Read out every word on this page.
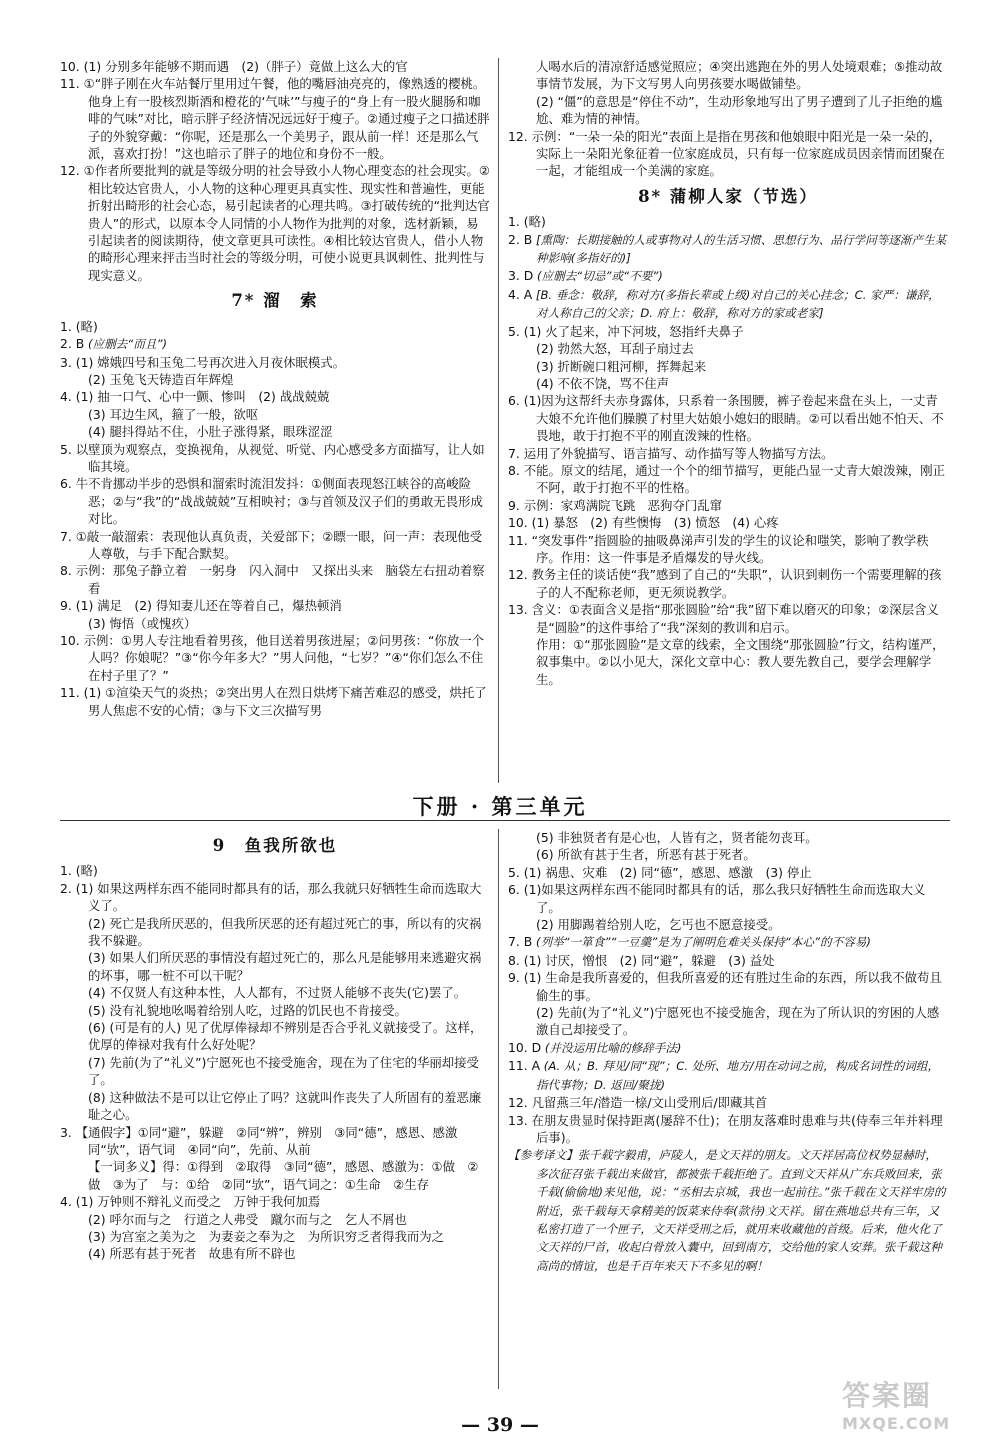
10. (1) 分别多年能够不期而遇　(2)（胖子）竟做上这么大的官

11. ①“胖子刚在火车站餐厅里用过午餐，他的嘴唇油亮亮的，像熟透的樱桃。他身上有一股核烈斯酒和橙花的‘气味’”与瘦子的“身上有一股火腿肠和咖啡的气味”对比，暗示胖子经济情况远远好于瘦子。②通过瘦子之口描述胖子的外貌穿戴：“你呢，还是那么一个美男子，跟从前一样！还是那么气派，喜欢打扮！”这也暗示了胖子的地位和身份不一般。

12. ①作者所要批判的就是等级分明的社会导致小人物心理变态的社会现实。②相比较达官贵人，小人物的这种心理更具真实性、现实性和普遍性，更能折射出畸形的社会心态，易引起读者的心理共鸣。③打破传统的“批判达官贵人”的形式，以原本令人同情的小人物作为批判的对象，选材新颖，易引起读者的阅读期待，使文章更具可读性。④相比较达官贵人，借小人物的畸形心理来抨击当时社会的等级分明，可使小说更具讽刺性、批判性与现实意义。

7* 溜　索

1. (略)

2. B (应删去“而且”)

3. (1) 嫦娥四号和玉兔二号再次进入月夜休眠模式。

(2) 玉兔飞天铸造百年辉煌

4. (1) 抽一口气、心中一颤、惨叫　(2) 战战兢兢

(3) 耳边生风，箍了一般，欲呕

(4) 腿抖得站不住，小肚子涨得紧，眼珠涩涩

5. 以壁顶为观察点，变换视角，从视觉、听觉、内心感受多方面描写，让人如临其境。

6. 牛不肯挪动半步的恐惧和溜索时流泪发抖：①侧面表现怒江峡谷的高峻险恶；②与“我”的“战战兢兢”互相映衬；③与首领及汉子们的勇敢无畏形成对比。

7. ①敲一敲溜索：表现他认真负责，关爱部下；②瞟一眼，问一声：表现他受人尊敬，与手下配合默契。

8. 示例：那兔子静立着　一躬身　闪入洞中　又探出头来　脑袋左右扭动着察看

9. (1) 满足　(2) 得知妻儿还在等着自己，爆热顿消

(3) 悔悟（或愧疚）

10. 示例：①男人专注地看着男孩，他目送着男孩进屋；②问男孩：“你放一个人吗？你娘呢？”③“你今年多大？”男人问他，“七岁？”④“你们怎么不住在村子里了？”

11. (1) ①渲染天气的炎热；②突出男人在烈日烘烤下痛苦难忍的感受，烘托了男人焦虑不安的心情；③与下文三次描写男

人喝水后的清凉舒适感觉照应；④突出逃跑在外的男人处境艰难；⑤推动故事情节发展，为下文写男人向男孩要水喝做铺垫。

(2) “僵”的意思是“停住不动”，生动形象地写出了男子遭到了儿子拒绝的尴尬、难为情的神情。

12. 示例：“一朵一朵的阳光”表面上是指在男孩和他娘眼中阳光是一朵一朵的，实际上一朵阳光象征着一位家庭成员，只有每一位家庭成员因亲情而团聚在一起，才能组成一个美满的家庭。

8* 蒲柳人家（节选）

1. (略)

2. B [熏陶：长期接触的人或事物对人的生活习惯、思想行为、品行学问等逐渐产生某种影响(多指好的)]

3. D (应删去“切忌”或“不要”)

4. A [B. 垂念：敬辞，称对方(多指长辈或上级)对自己的关心挂念；C. 家严：谦辞，对人称自己的父亲；D. 府上：敬辞，称对方的家或老家]

5. (1) 火了起来，冲下河坡，怒指纤夫鼻子

(2) 勃然大怒，耳刮子扇过去

(3) 折断碗口粗河柳，挥舞起来

(4) 不依不饶，骂不住声

6. (1)因为这帮纤夫赤身露体，只系着一条围腰，裤子卷起来盘在头上，一丈青大娘不允许他们臊膜了村里大姑娘小媳妇的眼睛。②可以看出她不怕天、不畏地，敢于打抱不平的刚直泼辣的性格。

7. 运用了外貌描写、语言描写、动作描写等人物描写方法。

8. 不能。原文的结尾，通过一个个的细节描写，更能凸显一丈青大娘泼辣，刚正不阿，敢于打抱不平的性格。

9. 示例：家鸡满院飞跳　恶狗夺门乱窜

10. (1) 暴怒　(2) 有些懊悔　(3) 愤怒　(4) 心疼

11. “突发事件”指圆脸的抽吸鼻涕声引发的学生的议论和嗤笑，影响了教学秩序。作用：这一件事是矛盾爆发的导火线。

12. 教务主任的谈话使“我”感到了自己的“失职”，认识到刺伤一个需要理解的孩子的人不配称老师，更无须说教学。

13. 含义：①表面含义是指“那张圆脸”给“我”留下难以磨灭的印象；②深层含义是“圆脸”的这件事给了“我”深刻的教训和启示。

作用：①“那张圆脸”是文章的线索，全文围绕“那张圆脸”行文，结构谨严，叙事集中。②以小见大，深化文章中心：教人要先教自己，要学会理解学生。

下册 · 第三单元
9　鱼我所欲也

1. (略)

2. (1) 如果这两样东西不能同时都具有的话，那么我就只好牺牲生命而选取大义了。

(2) 死亡是我所厌恶的，但我所厌恶的还有超过死亡的事，所以有的灾祸我不躲避。

(3) 如果人们所厌恶的事情没有超过死亡的，那么凡是能够用来逃避灾祸的坏事，哪一桩不可以干呢？

(4) 不仅贤人有这种本性，人人都有，不过贤人能够不丧失(它)罢了。

(5) 没有礼貌地吆喝着给别人吃，过路的饥民也不肯接受。

(6) (可是有的人) 见了优厚俸禄却不辨别是否合乎礼义就接受了。这样，优厚的俸禄对我有什么好处呢？

(7) 先前(为了“礼义”)宁愿死也不接受施舍，现在为了住宅的华丽却接受了。

(8) 这种做法不是可以让它停止了吗？这就叫作丧失了人所固有的羞恶廉耻之心。

3. 【通假字】①同“避”，躲避　②同“辨”，辨别　③同“德”，感恩、感激　同“欤”，语气词　④同“向”，先前、从前

【一词多义】得：①得到　②取得　③同“德”，感恩、感激为：①做　②做　③为了　与：①给　②同“欤”，语气词之：①生命　②生存

4. (1) 万钟则不辩礼义而受之　万钟于我何加焉

(2) 呼尔而与之　行道之人弗受　蹴尔而与之　乞人不屑也

(3) 为宫室之美为之　为妻妾之奉为之　为所识穷乏者得我而为之

(4) 所恶有甚于死者　故患有所不辟也

(5) 非独贤者有是心也，人皆有之，贤者能勿丧耳。

(6) 所欲有甚于生者，所恶有甚于死者。

5. (1) 祸患、灾难　(2) 同“德”，感恩、感激　(3) 停止

6. (1)如果这两样东西不能同时都具有的话，那么我只好牺牲生命而选取大义了。

(2) 用脚踢着给别人吃，乞丐也不愿意接受。

7. B (列举“一箪食”“一豆羹”是为了阐明危难关头保持“本心”的不容易)

8. (1) 讨厌，憎恨　(2) 同“避”，躲避　(3) 益处

9. (1) 生命是我所喜爱的，但我所喜爱的还有胜过生命的东西，所以我不做苟且偷生的事。

(2) 先前(为了“礼义”)宁愿死也不接受施舍，现在为了所认识的穷困的人感激自己却接受了。

10. D (并没运用比喻的修辞手法)

11. A (A. 从；B. 拜见/同“现”；C. 处所、地方/用在动词之前，构成名词性的词组，指代事物；D. 返回/聚拢)

12. 凡留燕三年/潜造一榇/文山受刑后/即藏其首

13. 在朋友贵显时保持距离(屡辞不仕)；在朋友落难时患难与共(侍奉三年并料理后事)。

【参考译文】张千载字毅甫，庐陵人，是文天祥的朋友。文天祥居高位权势显赫时，多次征召张千载出来做官，都被张千载拒绝了。直到文天祥从广东兵败回来，张千载(偷偷地)来见他，说：“丞相去京城，我也一起前往。”张千载在文天祥牢房的附近，张千载每天拿精美的饭菜来侍奉(款待)文天祥。留在燕地总共有三年，又私密打造了一个匣子，文天祥受刑之后，就用来收藏他的首级。后来，他火化了文天祥的尸首，收起白骨放入囊中，回到南方，交给他的家人安葬。张千载这种高尚的情谊，也是千百年来天下不多见的啊！

— 39 —
答案圈
MXQE.COM
